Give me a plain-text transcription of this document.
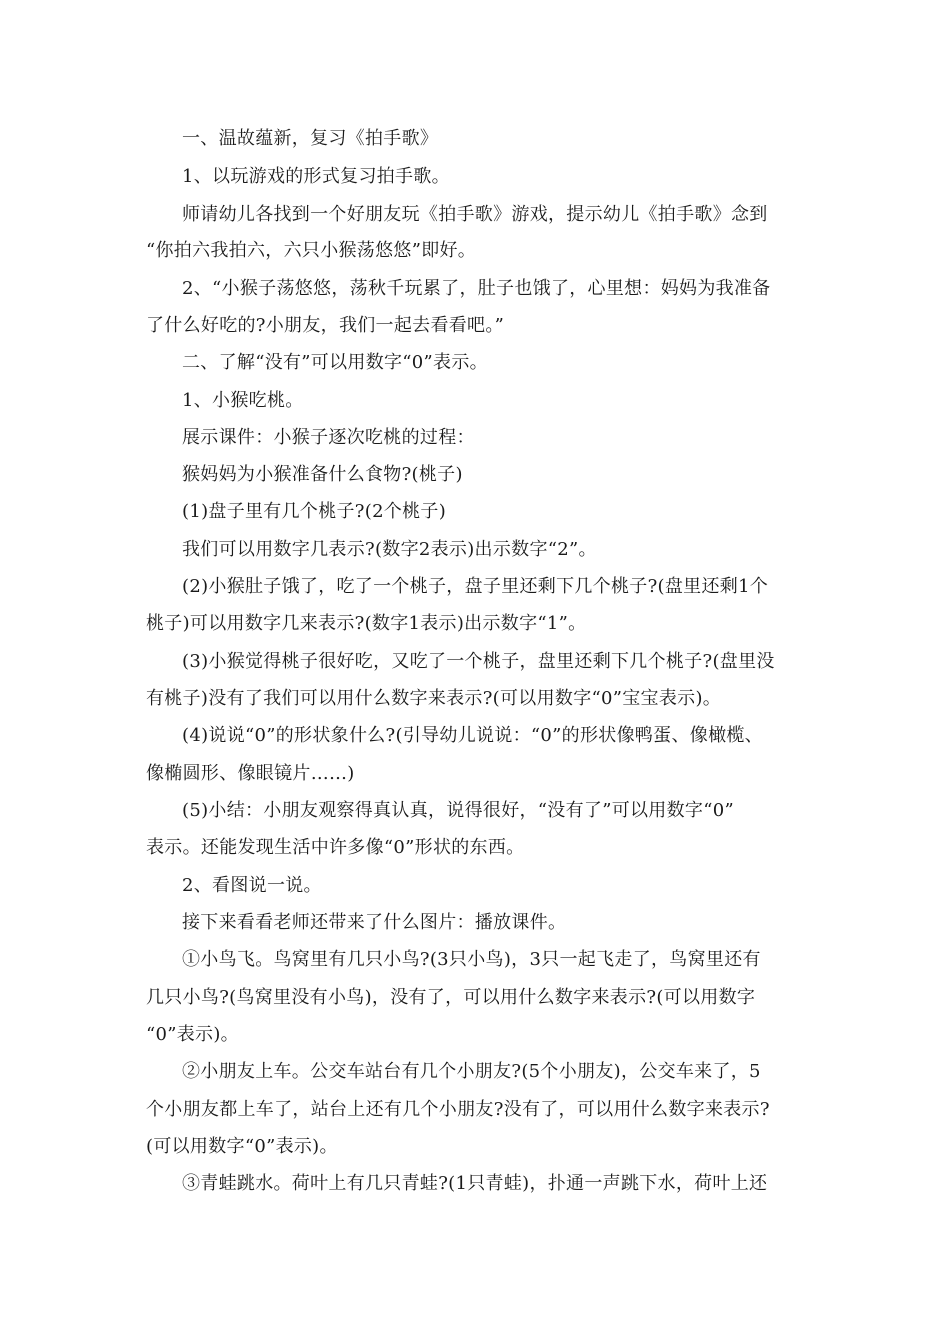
一、温故蕴新，复习《拍手歌》
1、以玩游戏的形式复习拍手歌。
师请幼儿各找到一个好朋友玩《拍手歌》游戏，提示幼儿《拍手歌》念到
“你拍六我拍六，六只小猴荡悠悠”即好。
2、“小猴子荡悠悠，荡秋千玩累了，肚子也饿了，心里想：妈妈为我准备
了什么好吃的?小朋友，我们一起去看看吧。”
二、了解“没有”可以用数字“0”表示。
1、小猴吃桃。
展示课件：小猴子逐次吃桃的过程：
猴妈妈为小猴准备什么食物?(桃子)
(1)盘子里有几个桃子?(2个桃子)
我们可以用数字几表示?(数字2表示)出示数字“2”。
(2)小猴肚子饿了，吃了一个桃子，盘子里还剩下几个桃子?(盘里还剩1个
桃子)可以用数字几来表示?(数字1表示)出示数字“1”。
(3)小猴觉得桃子很好吃，又吃了一个桃子，盘里还剩下几个桃子?(盘里没
有桃子)没有了我们可以用什么数字来表示?(可以用数字“0”宝宝表示)。
(4)说说“0”的形状象什么?(引导幼儿说说：“0”的形状像鸭蛋、像橄榄、
像椭圆形、像眼镜片……)
(5)小结：小朋友观察得真认真，说得很好，“没有了”可以用数字“0”
表示。还能发现生活中许多像“0”形状的东西。
2、看图说一说。
接下来看看老师还带来了什么图片：播放课件。
①小鸟飞。鸟窝里有几只小鸟?(3只小鸟)，3只一起飞走了，鸟窝里还有
几只小鸟?(鸟窝里没有小鸟)，没有了，可以用什么数字来表示?(可以用数字
“0”表示)。
②小朋友上车。公交车站台有几个小朋友?(5个小朋友)，公交车来了，5
个小朋友都上车了，站台上还有几个小朋友?没有了，可以用什么数字来表示?
(可以用数字“0”表示)。
③青蛙跳水。荷叶上有几只青蛙?(1只青蛙)，扑通一声跳下水，荷叶上还
